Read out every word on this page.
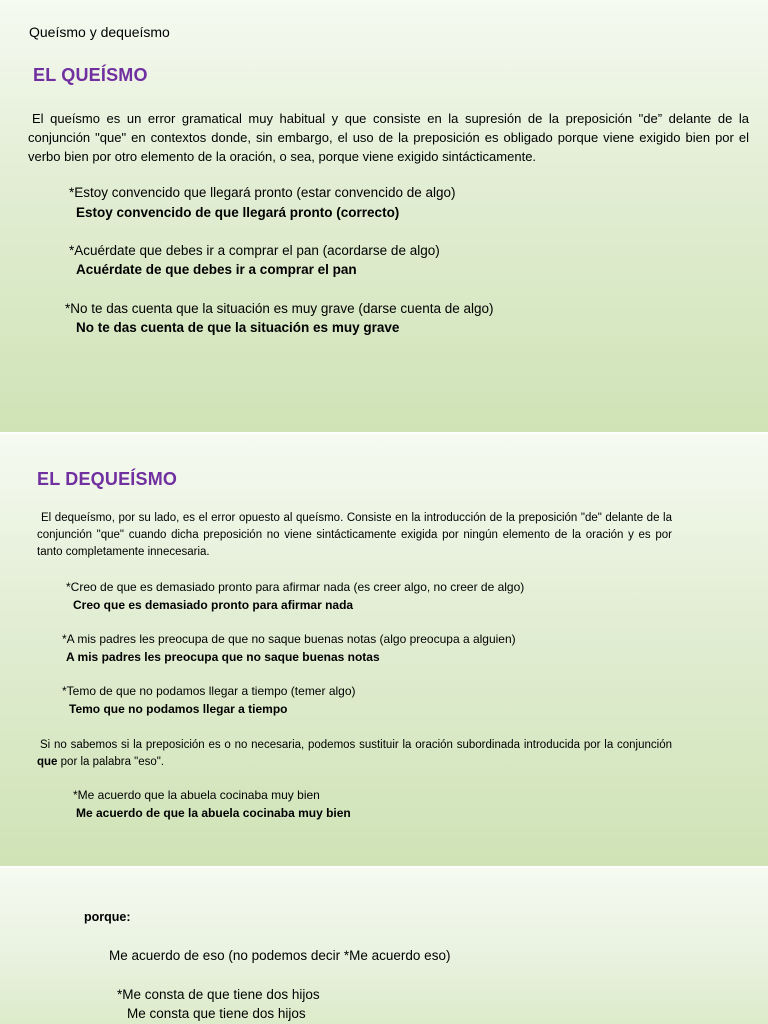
Queísmo y dequeísmo
EL QUEÍSMO
El queísmo es un error gramatical muy habitual y que consiste en la supresión de la preposición "de” delante de la conjunción "que" en contextos donde, sin embargo, el uso de la preposición es obligado porque viene exigido bien por el verbo bien por otro elemento de la oración, o sea, porque viene exigido sintácticamente.
*Estoy convencido que llegará pronto (estar convencido de algo)
Estoy convencido de que llegará pronto (correcto)
*Acuérdate que debes ir a comprar el pan (acordarse de algo)
Acuérdate de que debes ir a comprar el pan
*No te das cuenta que la situación es muy grave (darse cuenta de algo)
No te das cuenta de que la situación es muy grave
EL DEQUEÍSMO
El dequeísmo, por su lado, es el error opuesto al queísmo. Consiste en la introducción de la preposición "de" delante de la conjunción "que" cuando dicha preposición no viene sintácticamente exigida por ningún elemento de la oración y es por tanto completamente innecesaria.
*Creo de que es demasiado pronto para afirmar nada (es creer algo, no creer de algo)
Creo que es demasiado pronto para afirmar nada
*A mis padres les preocupa de que no saque buenas notas (algo preocupa a alguien)
A mis padres les preocupa que no saque buenas notas
*Temo de que no podamos llegar a tiempo (temer algo)
Temo que no podamos llegar a tiempo
Si no sabemos si la preposición es o no necesaria, podemos sustituir la oración subordinada introducida por la conjunción que por la palabra "eso".
*Me acuerdo que la abuela cocinaba muy bien
Me acuerdo de que la abuela cocinaba muy bien
porque:
Me acuerdo de eso (no podemos decir *Me acuerdo eso)
*Me consta de que tiene dos hijos
Me consta que tiene dos hijos
